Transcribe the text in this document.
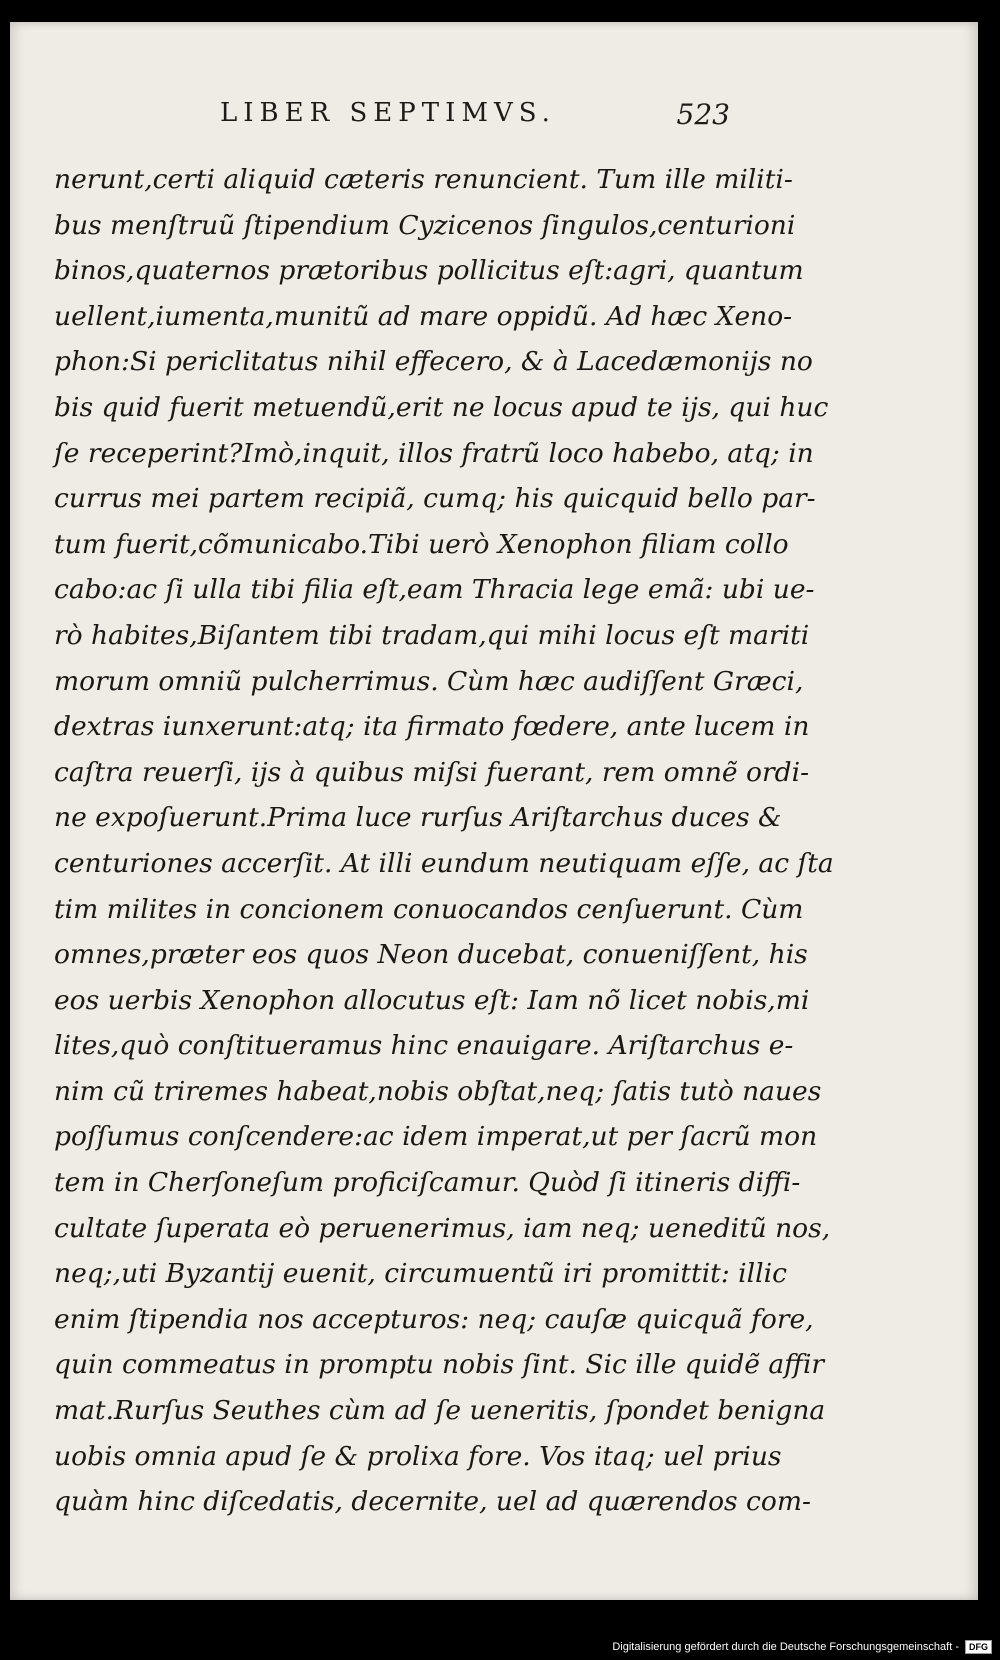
LIBER SEPTIMVS.	523
nerunt,certi aliquid cæteris renuncient. Tum ille militi-
bus menſtruũ ſtipendium Cyzicenos ſingulos,centurioni
binos,quaternos prætoribus pollicitus eſt:agri, quantum
uellent,iumenta,munitũ ad mare oppidũ. Ad hæc Xeno-
phon:Si periclitatus nihil effecero, & à Lacedæmonijs no
bis quid fuerit metuendũ,erit ne locus apud te ijs, qui huc
ſe receperint?Imò,inquit, illos fratrũ loco habebo, atq; in
currus mei partem recipiã, cumq; his quicquid bello par-
tum fuerit,cõmunicabo.Tibi uerò Xenophon filiam collo
cabo:ac ſi ulla tibi filia eſt,eam Thracia lege emã: ubi ue-
rò habites,Biſantem tibi tradam,qui mihi locus eſt mariti
morum omniũ pulcherrimus. Cùm hæc audiſſent Græci,
dextras iunxerunt:atq; ita firmato fœdere, ante lucem in
caſtra reuerſi, ijs à quibus miſsi fuerant, rem omnẽ ordi-
ne expoſuerunt.Prima luce rurſus Ariſtarchus duces &
centuriones accerſit. At illi eundum neutiquam eſſe, ac ſta
tim milites in concionem conuocandos cenſuerunt. Cùm
omnes,præter eos quos Neon ducebat, conueniſſent, his
eos uerbis Xenophon allocutus eſt: Iam nõ licet nobis,mi
lites,quò conſtitueramus hinc enauigare. Ariſtarchus e-
nim cũ triremes habeat,nobis obſtat,neq; ſatis tutò naues
poſſumus conſcendere:ac idem imperat,ut per ſacrũ mon
tem in Cherſoneſum proficiſcamur. Quòd ſi itineris diffi-
cultate ſuperata eò peruenerimus, iam neq; ueneditũ nos,
neq;,uti Byzantij euenit, circumuentũ iri promittit: illic
enim ſtipendia nos accepturos: neq; cauſæ quicquã fore,
quin commeatus in promptu nobis ſint. Sic ille quidẽ affir
mat.Rurſus Seuthes cùm ad ſe ueneritis, ſpondet benigna
uobis omnia apud ſe & prolixa fore. Vos itaq; uel prius
quàm hinc diſcedatis, decernite, uel ad quærendos com-
Digitalisierung gefördert durch die Deutsche Forschungsgemeinschaft -	DFG
